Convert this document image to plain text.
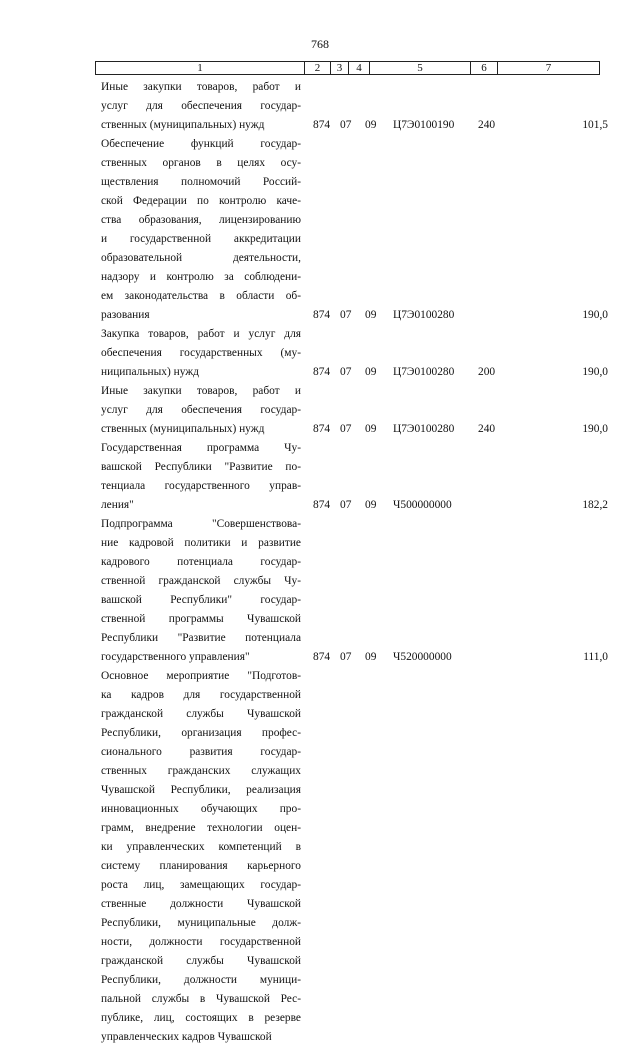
768
1	2	3	4	5	6	7
Иные закупки товаров, работ и
услуг для обеспечения государ-
ственных (муниципальных) нужд	874 07 09 Ц7Э0100190 240	101,5
Обеспечение функций государ-
ственных органов в целях осу-
ществления полномочий Россий-
ской Федерации по контролю каче-
ства образования, лицензированию
и государственной аккредитации
образовательной деятельности,
надзору и контролю за соблюдени-
ем законодательства в области об-
разования	874 07 09 Ц7Э0100280	190,0
Закупка товаров, работ и услуг для
обеспечения государственных (му-
ниципальных) нужд	874 07 09 Ц7Э0100280 200	190,0
Иные закупки товаров, работ и
услуг для обеспечения государ-
ственных (муниципальных) нужд	874 07 09 Ц7Э0100280 240	190,0
Государственная программа Чу-
вашской Республики "Развитие по-
тенциала государственного управ-
ления"	874 07 09 Ч500000000	182,2
Подпрограмма "Совершенствова-
ние кадровой политики и развитие
кадрового потенциала государ-
ственной гражданской службы Чу-
вашской Республики" государ-
ственной программы Чувашской
Республики "Развитие потенциала
государственного управления"	874 07 09 Ч520000000	111,0
Основное мероприятие "Подготов-
ка кадров для государственной
гражданской службы Чувашской
Республики, организация профес-
сионального развития государ-
ственных гражданских служащих
Чувашской Республики, реализация
инновационных обучающих про-
грамм, внедрение технологии оцен-
ки управленческих компетенций в
систему планирования карьерного
роста лиц, замещающих государ-
ственные должности Чувашской
Республики, муниципальные долж-
ности, должности государственной
гражданской службы Чувашской
Республики, должности муници-
пальной службы в Чувашской Рес-
публике, лиц, состоящих в резерве
управленческих кадров Чувашской
